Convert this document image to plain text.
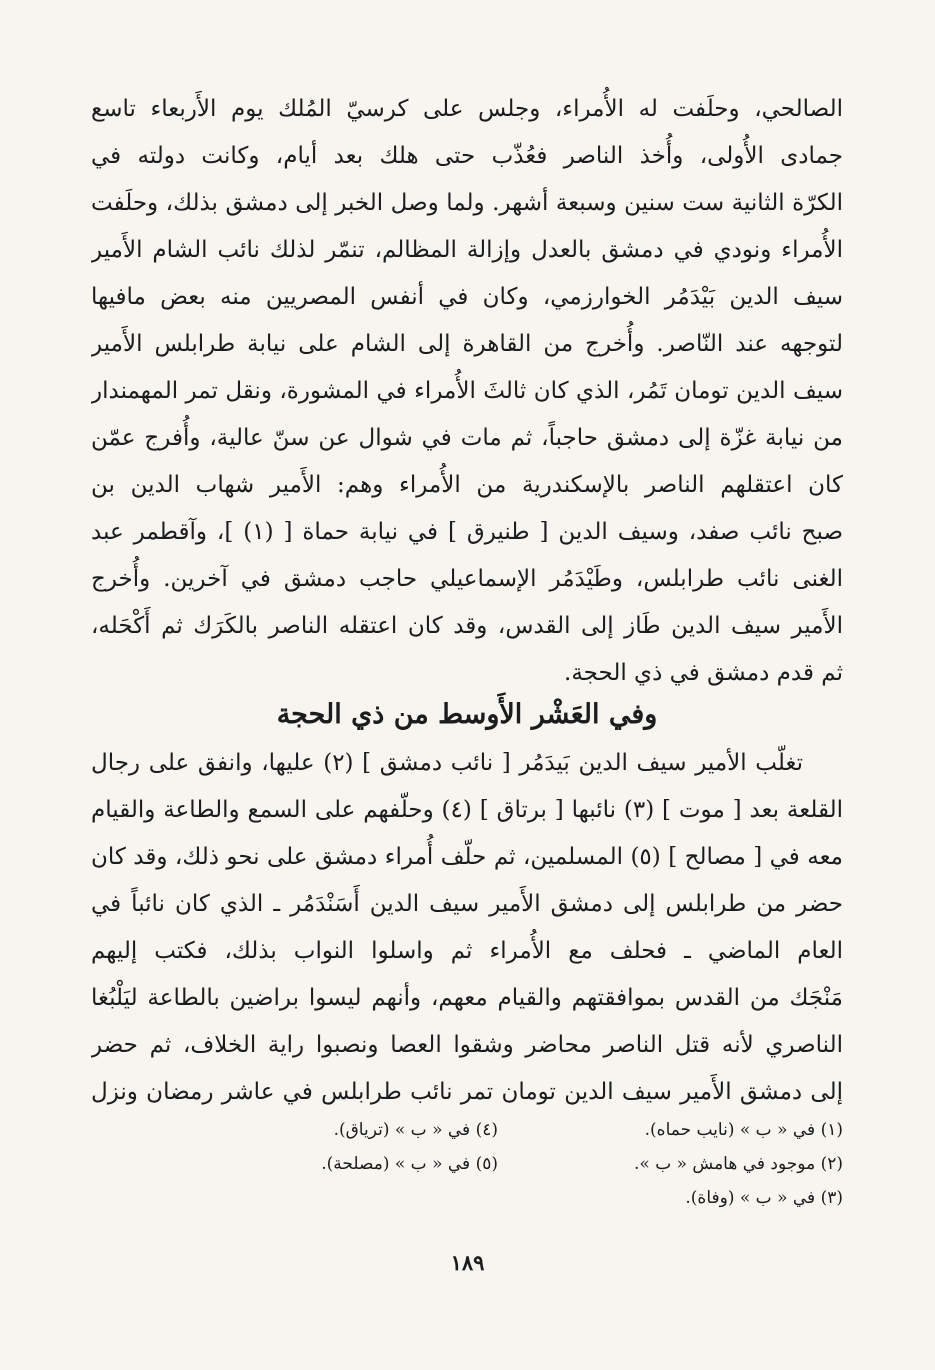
الصالحي، وحلَفت له الأُمراء، وجلس على كرسيّ المُلك يوم الأَربعاء تاسع
جمادى الأُولى، وأُخذ الناصر فعُذّب حتى هلك بعد أيام، وكانت دولته في
الكرّة الثانية ست سنين وسبعة أشهر. ولما وصل الخبر إلى دمشق بذلك، وحلَفت
الأُمراء ونودي في دمشق بالعدل وإزالة المظالم، تنمّر لذلك نائب الشام الأَمير
سيف الدين بَيْدَمُر الخوارزمي، وكان في أنفس المصريين منه بعض مافيها
لتوجهه عند النّاصر. وأُخرج من القاهرة إلى الشام على نيابة طرابلس الأَمير
سيف الدين تومان تَمُر، الذي كان ثالثَ الأُمراء في المشورة، ونقل تمر المهمندار
من نيابة غزّة إلى دمشق حاجباً، ثم مات في شوال عن سنّ عالية، وأُفرج عمّن
كان اعتقلهم الناصر بالإسكندرية من الأُمراء وهم: الأَمير شهاب الدين بن
صبح نائب صفد، وسيف الدين [ طنيرق ] في نيابة حماة [ (١) ]، وآقطمر عبد
الغنى نائب طرابلس، وطَيْدَمُر الإسماعيلي حاجب دمشق في آخرين. وأُخرج
الأَمير سيف الدين طَاز إلى القدس، وقد كان اعتقله الناصر بالكَرَك ثم أَكْحَله،
ثم قدم دمشق في ذي الحجة.
وفي العَشْر الأَوسط من ذي الحجة
تغلّب الأمير سيف الدين بَيدَمُر [ نائب دمشق ] (٢) عليها، وانفق على رجال
القلعة بعد [ موت ] (٣) نائبها [ برتاق ] (٤) وحلّفهم على السمع والطاعة والقيام
معه في [ مصالح ] (٥) المسلمين، ثم حلّف أُمراء دمشق على نحو ذلك، وقد كان
حضر من طرابلس إلى دمشق الأَمير سيف الدين أَسَنْدَمُر ـ الذي كان نائباً في
العام الماضي ـ فحلف مع الأُمراء ثم واسلوا النواب بذلك، فكتب إليهم
مَنْجَك من القدس بموافقتهم والقيام معهم، وأنهم ليسوا براضين بالطاعة ليَلْبُغا
الناصري لأنه قتل الناصر محاضر وشقوا العصا ونصبوا راية الخلاف، ثم حضر
إلى دمشق الأَمير سيف الدين تومان تمر نائب طرابلس في عاشر رمضان ونزل
(١) في « ب » (نايب حماه).
(٢) موجود في هامش « ب ».
(٣) في « ب » (وفاة).
(٤) في « ب » (ترياق).
(٥) في « ب » (مصلحة).
١٨٩
